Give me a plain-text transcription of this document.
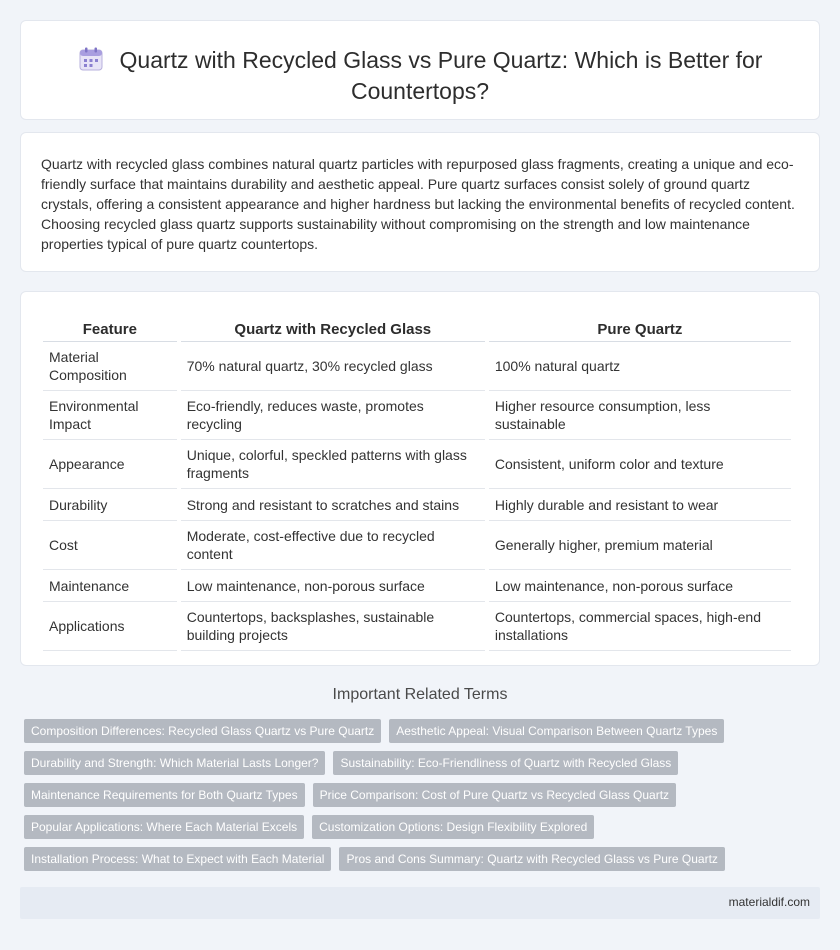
Quartz with Recycled Glass vs Pure Quartz: Which is Better for Countertops?

Quartz with recycled glass combines natural quartz particles with repurposed glass fragments, creating a unique and eco-friendly surface that maintains durability and aesthetic appeal. Pure quartz surfaces consist solely of ground quartz crystals, offering a consistent appearance and higher hardness but lacking the environmental benefits of recycled content. Choosing recycled glass quartz supports sustainability without compromising on the strength and low maintenance properties typical of pure quartz countertops.

Feature	Quartz with Recycled Glass	Pure Quartz
Material Composition	70% natural quartz, 30% recycled glass	100% natural quartz
Environmental Impact	Eco-friendly, reduces waste, promotes recycling	Higher resource consumption, less sustainable
Appearance	Unique, colorful, speckled patterns with glass fragments	Consistent, uniform color and texture
Durability	Strong and resistant to scratches and stains	Highly durable and resistant to wear
Cost	Moderate, cost-effective due to recycled content	Generally higher, premium material
Maintenance	Low maintenance, non-porous surface	Low maintenance, non-porous surface
Applications	Countertops, backsplashes, sustainable building projects	Countertops, commercial spaces, high-end installations
Important Related Terms
Composition Differences: Recycled Glass Quartz vs Pure Quartz	Aesthetic Appeal: Visual Comparison Between Quartz Types
Durability and Strength: Which Material Lasts Longer?	Sustainability: Eco-Friendliness of Quartz with Recycled Glass
Maintenance Requirements for Both Quartz Types	Price Comparison: Cost of Pure Quartz vs Recycled Glass Quartz
Popular Applications: Where Each Material Excels	Customization Options: Design Flexibility Explored
Installation Process: What to Expect with Each Material	Pros and Cons Summary: Quartz with Recycled Glass vs Pure Quartz
materialdif.com
